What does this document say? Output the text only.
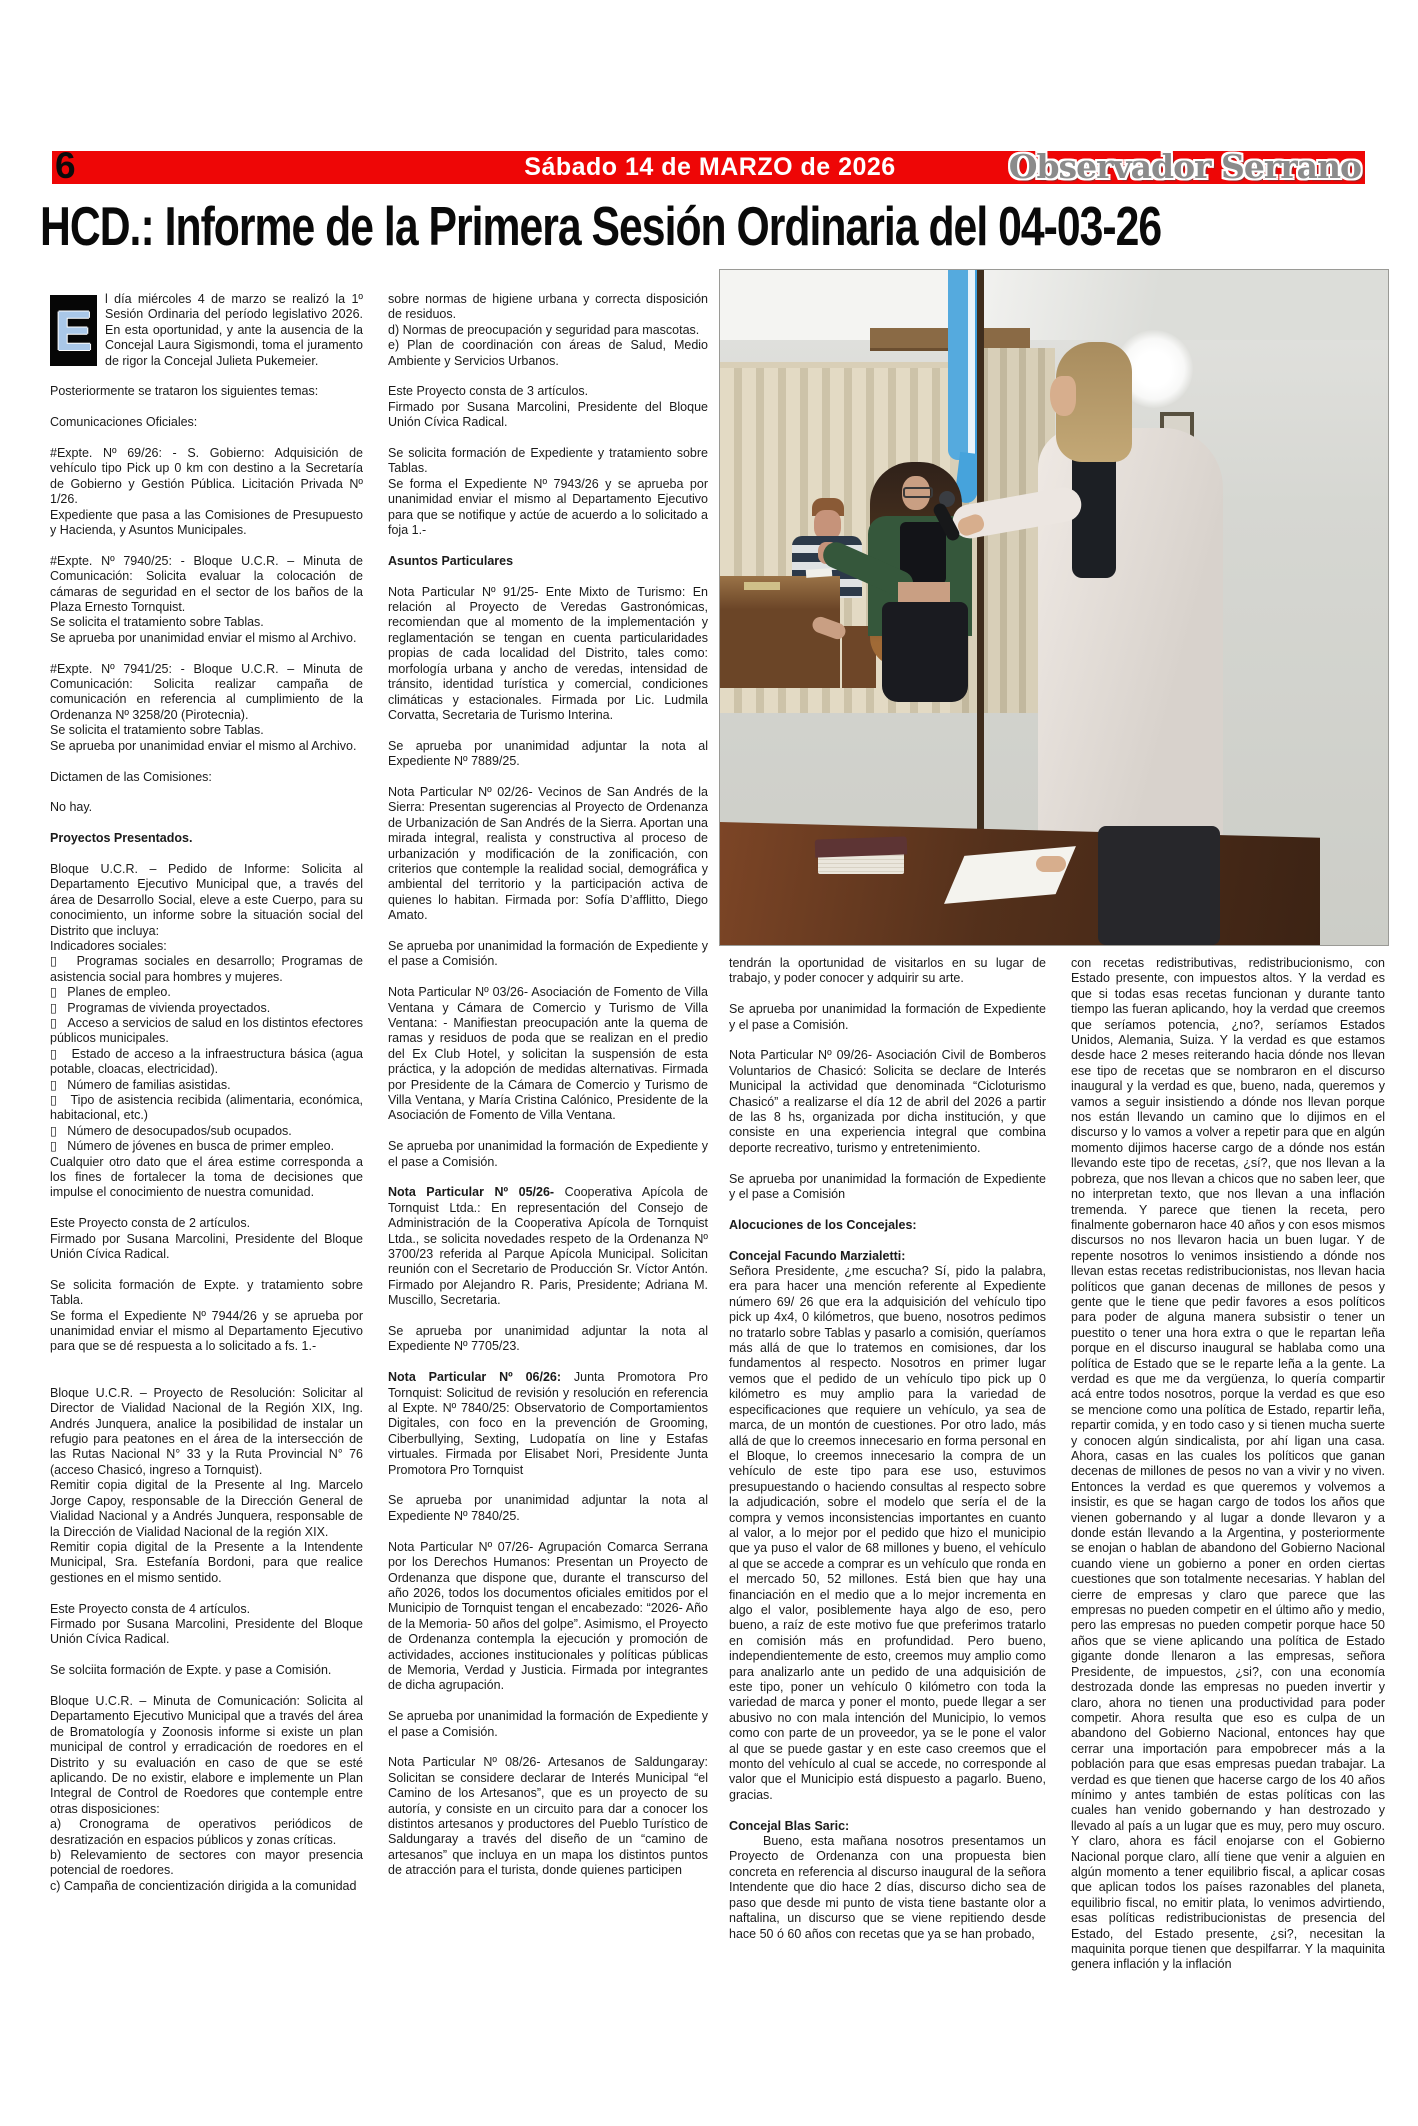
6	Sábado 14 de MARZO de 2026	Observador Serrano
HCD.: Informe de la Primera Sesión Ordinaria del 04-03-26

E	l día miércoles 4 de marzo se realizó la 1º Sesión Ordinaria del período legislativo 2026. En esta oportunidad, y ante la ausencia de la Concejal Laura Sigismondi, toma el juramento de rigor la Concejal Julieta Pukemeier.

Posteriormente se trataron los siguientes temas:

Comunicaciones Oficiales:

#Expte. Nº 69/26: - S. Gobierno: Adquisición de vehículo tipo Pick up 0 km con destino a la Secretaría de Gobierno y Gestión Pública. Licitación Privada Nº 1/26.

Expediente que pasa a las Comisiones de Presupuesto y Hacienda, y Asuntos Municipales.

#Expte. Nº 7940/25: - Bloque U.C.R. – Minuta de Comunicación: Solicita evaluar la colocación de cámaras de seguridad en el sector de los baños de la Plaza Ernesto Tornquist.

Se solicita el tratamiento sobre Tablas.

Se aprueba por unanimidad enviar el mismo al Archivo.

#Expte. Nº 7941/25: - Bloque U.C.R. – Minuta de Comunicación: Solicita realizar campaña de comunicación en referencia al cumplimiento de la Ordenanza Nº 3258/20 (Pirotecnia).

Se solicita el tratamiento sobre Tablas.

Se aprueba por unanimidad enviar el mismo al Archivo.

Dictamen de las Comisiones:

No hay.

Proyectos Presentados.

Bloque U.C.R. – Pedido de Informe: Solicita al Departamento Ejecutivo Municipal que, a través del área de Desarrollo Social, eleve a este Cuerpo, para su conocimiento, un informe sobre la situación social del Distrito que incluya:

Indicadores sociales:

▯   Programas sociales en desarrollo; Programas de asistencia social para hombres y mujeres.

▯   Planes de empleo.

▯   Programas de vivienda proyectados.

▯   Acceso a servicios de salud en los distintos efectores públicos municipales.

▯   Estado de acceso a la infraestructura básica (agua potable, cloacas, electricidad).

▯   Número de familias asistidas.

▯   Tipo de asistencia recibida (alimentaria, económica, habitacional, etc.)

▯   Número de desocupados/sub ocupados.

▯   Número de jóvenes en busca de primer empleo.

Cualquier otro dato que el área estime corresponda a los fines de fortalecer la toma de decisiones que impulse el conocimiento de nuestra comunidad.

Este Proyecto consta de 2 artículos.

Firmado por Susana Marcolini, Presidente del Bloque Unión Cívica Radical.

Se solicita formación de Expte. y tratamiento sobre Tabla.

Se forma el Expediente Nº 7944/26 y se aprueba por unanimidad enviar el mismo al Departamento Ejecutivo para que se dé respuesta a lo solicitado a fs. 1.-

Bloque U.C.R. – Proyecto de Resolución: Solicitar al Director de Vialidad Nacional de la Región XIX, Ing. Andrés Junquera, analice la posibilidad de instalar un refugio para peatones en el área de la intersección de las Rutas Nacional N° 33 y la Ruta Provincial N° 76 (acceso Chasicó, ingreso a Tornquist).

Remitir copia digital de la Presente al Ing. Marcelo Jorge Capoy, responsable de la Dirección General de Vialidad Nacional y a Andrés Junquera, responsable de la Dirección de Vialidad Nacional de la región XIX.

Remitir copia digital de la Presente a la Intendente Municipal, Sra. Estefanía Bordoni, para que realice gestiones en el mismo sentido.

Este Proyecto consta de 4 artículos.

Firmado por Susana Marcolini, Presidente del Bloque Unión Cívica Radical.

Se solciita formación de Expte. y pase a Comisión.

Bloque U.C.R. – Minuta de Comunicación: Solicita al Departamento Ejecutivo Municipal que a través del área de Bromatología y Zoonosis informe si existe un plan municipal de control y erradicación de roedores en el Distrito y su evaluación en caso de que se esté aplicando. De no existir, elabore e implemente un Plan Integral de Control de Roedores que contemple entre otras disposiciones:

a) Cronograma de operativos periódicos de desratización en espacios públicos y zonas críticas.

b) Relevamiento de sectores con mayor presencia potencial de roedores.

c) Campaña de concientización dirigida a la comunidad

sobre normas de higiene urbana y correcta disposición de residuos.

d) Normas de preocupación y seguridad para mascotas.

e) Plan de coordinación con áreas de Salud, Medio Ambiente y Servicios Urbanos.

Este Proyecto consta de 3 artículos.

Firmado por Susana Marcolini, Presidente del Bloque Unión Cívica Radical.

Se solicita formación de Expediente y tratamiento sobre Tablas.

Se forma el Expediente Nº 7943/26 y se aprueba por unanimidad enviar el mismo al Departamento Ejecutivo para que se notifique y actúe de acuerdo a lo solicitado a foja 1.-

Asuntos Particulares

Nota Particular Nº 91/25- Ente Mixto de Turismo: En relación al Proyecto de Veredas Gastronómicas, recomiendan que al momento de la implementación y reglamentación se tengan en cuenta particularidades propias de cada localidad del Distrito, tales como: morfología urbana y ancho de veredas, intensidad de tránsito, identidad turística y comercial, condiciones climáticas y estacionales. Firmada por Lic. Ludmila Corvatta, Secretaria de Turismo Interina.

Se aprueba por unanimidad adjuntar la nota al Expediente Nº 7889/25.

Nota Particular Nº 02/26- Vecinos de San Andrés de la Sierra: Presentan sugerencias al Proyecto de Ordenanza de Urbanización de San Andrés de la Sierra. Aportan una mirada integral, realista y constructiva al proceso de urbanización y modificación de la zonificación, con criterios que contemple la realidad social, demográfica y ambiental del territorio y la participación activa de quienes lo habitan. Firmada por: Sofía D’afflitto, Diego Amato.

Se aprueba por unanimidad la formación de Expediente y el pase a Comisión.

Nota Particular Nº 03/26- Asociación de Fomento de Villa Ventana y Cámara de Comercio y Turismo de Villa Ventana: - Manifiestan preocupación ante la quema de ramas y residuos de poda que se realizan en el predio del Ex Club Hotel, y solicitan la suspensión de esta práctica, y la adopción de medidas alternativas. Firmada por Presidente de la Cámara de Comercio y Turismo de Villa Ventana, y María Cristina Calónico, Presidente de la Asociación de Fomento de Villa Ventana.

Se aprueba por unanimidad la formación de Expediente y el pase a Comisión.

Nota Particular Nº 05/26- Cooperativa Apícola de Tornquist Ltda.: En representación del Consejo de Administración de la Cooperativa Apícola de Tornquist Ltda., se solicita novedades respeto de la Ordenanza Nº 3700/23 referida al Parque Apícola Municipal. Solicitan reunión con el Secretario de Producción Sr. Víctor Antón. Firmado por Alejandro R. Paris, Presidente; Adriana M. Muscillo, Secretaria.

Se aprueba por unanimidad adjuntar la nota al Expediente Nº 7705/23.

Nota Particular Nº 06/26: Junta Promotora Pro Tornquist: Solicitud de revisión y resolución en referencia al Expte. Nº 7840/25: Observatorio de Comportamientos Digitales, con foco en la prevención de Grooming, Ciberbullying, Sexting, Ludopatía on line y Estafas virtuales. Firmada por Elisabet Nori, Presidente Junta Promotora Pro Tornquist

Se aprueba por unanimidad adjuntar la nota al Expediente Nº 7840/25.

Nota Particular Nº 07/26- Agrupación Comarca Serrana por los Derechos Humanos: Presentan un Proyecto de Ordenanza que dispone que, durante el transcurso del año 2026, todos los documentos oficiales emitidos por el Municipio de Tornquist tengan el encabezado: “2026- Año de la Memoria- 50 años del golpe”. Asimismo, el Proyecto de Ordenanza contempla la ejecución y promoción de actividades, acciones institucionales y políticas públicas de Memoria, Verdad y Justicia. Firmada por integrantes de dicha agrupación.

Se aprueba por unanimidad la formación de Expediente y el pase a Comisión.

Nota Particular Nº 08/26- Artesanos de Saldungaray: Solicitan se considere declarar de Interés Municipal “el Camino de los Artesanos”, que es un proyecto de su autoría, y consiste en un circuito para dar a conocer los distintos artesanos y productores del Pueblo Turístico de Saldungaray a través del diseño de un “camino de artesanos” que incluya en un mapa los distintos puntos de atracción para el turista, donde quienes participen

tendrán la oportunidad de visitarlos en su lugar de trabajo, y poder conocer y adquirir su arte.

Se aprueba por unanimidad la formación de Expediente y el pase a Comisión.

Nota Particular Nº 09/26- Asociación Civil de Bomberos Voluntarios de Chasicó: Solicita se declare de Interés Municipal la actividad que denominada “Cicloturismo Chasicó” a realizarse el día 12 de abril del 2026 a partir de las 8 hs, organizada por dicha institución, y que consiste en una experiencia integral que combina deporte recreativo, turismo y entretenimiento.

Se aprueba por unanimidad la formación de Expediente y el pase a Comisión

Alocuciones de los Concejales:

Concejal Facundo Marzialetti:

Señora Presidente, ¿me escucha? Sí, pido la palabra, era para hacer una mención referente al Expediente número 69/ 26 que era la adquisición del vehículo tipo pick up 4x4, 0 kilómetros, que bueno, nosotros pedimos no tratarlo sobre Tablas y pasarlo a comisión, queríamos más allá de que lo tratemos en comisiones, dar los fundamentos al respecto. Nosotros en primer lugar vemos que el pedido de un vehículo tipo pick up 0 kilómetro es muy amplio para la variedad de especificaciones que requiere un vehículo, ya sea de marca, de un montón de cuestiones. Por otro lado, más allá de que lo creemos innecesario en forma personal en el Bloque, lo creemos innecesario la compra de un vehículo de este tipo para ese uso, estuvimos presupuestando o haciendo consultas al respecto sobre la adjudicación, sobre el modelo que sería el de la compra y vemos inconsistencias importantes en cuanto al valor, a lo mejor por el pedido que hizo el municipio que ya puso el valor de 68 millones y bueno, el vehículo al que se accede a comprar es un vehículo que ronda en el mercado 50, 52 millones. Está bien que hay una financiación en el medio que a lo mejor incrementa en algo el valor, posiblemente haya algo de eso, pero bueno, a raíz de este motivo fue que preferimos tratarlo en comisión más en profundidad. Pero bueno, independientemente de esto, creemos muy amplio como para analizarlo ante un pedido de una adquisición de este tipo, poner un vehículo 0 kilómetro con toda la variedad de marca y poner el monto, puede llegar a ser abusivo no con mala intención del Municipio, lo vemos como con parte de un proveedor, ya se le pone el valor al que se puede gastar y en este caso creemos que el monto del vehículo al cual se accede, no corresponde al valor que el Municipio está dispuesto a pagarlo. Bueno, gracias.

Concejal Blas Saric:

Bueno, esta mañana nosotros presentamos un Proyecto de Ordenanza con una propuesta bien concreta en referencia al discurso inaugural de la señora Intendente que dio hace 2 días, discurso dicho sea de paso que desde mi punto de vista tiene bastante olor a naftalina, un discurso que se viene repitiendo desde hace 50 ó 60 años con recetas que ya se han probado,

con recetas redistributivas, redistribucionismo, con Estado presente, con impuestos altos. Y la verdad es que si todas esas recetas funcionan y durante tanto tiempo las fueran aplicando, hoy la verdad que creemos que seríamos potencia, ¿no?, seríamos Estados Unidos, Alemania, Suiza. Y la verdad es que estamos desde hace 2 meses reiterando hacia dónde nos llevan ese tipo de recetas que se nombraron en el discurso inaugural y la verdad es que, bueno, nada, queremos y vamos a seguir insistiendo a dónde nos llevan porque nos están llevando un camino que lo dijimos en el discurso y lo vamos a volver a repetir para que en algún momento dijimos hacerse cargo de a dónde nos están llevando este tipo de recetas, ¿sí?, que nos llevan a la pobreza, que nos llevan a chicos que no saben leer, que no interpretan texto, que nos llevan a una inflación tremenda. Y parece que tienen la receta, pero finalmente gobernaron hace 40 años y con esos mismos discursos no nos llevaron hacia un buen lugar. Y de repente nosotros lo venimos insistiendo a dónde nos llevan estas recetas redistribucionistas, nos llevan hacia políticos que ganan decenas de millones de pesos y gente que le tiene que pedir favores a esos políticos para poder de alguna manera subsistir o tener un puestito o tener una hora extra o que le repartan leña porque en el discurso inaugural se hablaba como una política de Estado que se le reparte leña a la gente. La verdad es que me da vergüenza, lo quería compartir acá entre todos nosotros, porque la verdad es que eso se mencione como una política de Estado, repartir leña, repartir comida, y en todo caso y si tienen mucha suerte y conocen algún sindicalista, por ahí ligan una casa. Ahora, casas en las cuales los políticos que ganan decenas de millones de pesos no van a vivir y no viven. Entonces la verdad es que queremos y volvemos a insistir, es que se hagan cargo de todos los años que vienen gobernando y al lugar a donde llevaron y a donde están llevando a la Argentina, y posteriormente se enojan o hablan de abandono del Gobierno Nacional cuando viene un gobierno a poner en orden ciertas cuestiones que son totalmente necesarias. Y hablan del cierre de empresas y claro que parece que las empresas no pueden competir en el último año y medio, pero las empresas no pueden competir porque hace 50 años que se viene aplicando una política de Estado gigante donde llenaron a las empresas, señora Presidente, de impuestos, ¿si?, con una economía destrozada donde las empresas no pueden invertir y claro, ahora no tienen una productividad para poder competir. Ahora resulta que eso es culpa de un abandono del Gobierno Nacional, entonces hay que cerrar una importación para empobrecer más a la población para que esas empresas puedan trabajar. La verdad es que tienen que hacerse cargo de los 40 años mínimo y antes también de estas políticas con las cuales han venido gobernando y han destrozado y llevado al país a un lugar que es muy, pero muy oscuro. Y claro, ahora es fácil enojarse con el Gobierno Nacional porque claro, allí tiene que venir a alguien en algún momento a tener equilibrio fiscal, a aplicar cosas que aplican todos los países razonables del planeta, equilibrio fiscal, no emitir plata, lo venimos advirtiendo, esas políticas redistribucionistas de presencia del Estado, del Estado presente, ¿si?, necesitan la maquinita porque tienen que despilfarrar. Y la maquinita genera inflación y la inflación
